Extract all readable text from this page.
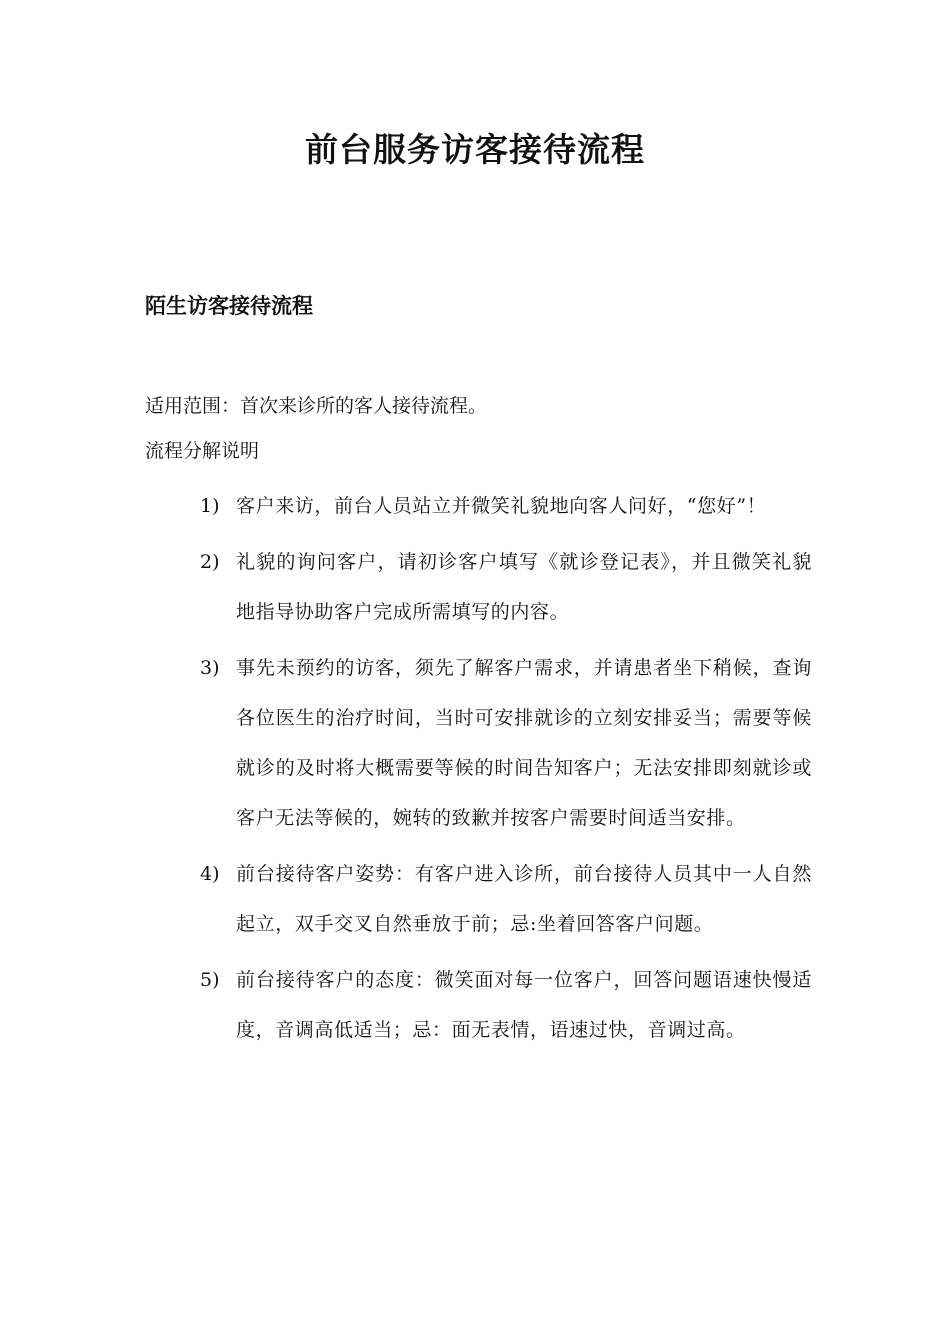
前台服务访客接待流程
陌生访客接待流程

适用范围：首次来诊所的客人接待流程。

流程分解说明

1) 客户来访，前台人员站立并微笑礼貌地向客人问好，“您好”！
2) 礼貌的询问客户，请初诊客户填写《就诊登记表》，并且微笑礼貌地指导协助客户完成所需填写的内容。
3) 事先未预约的访客，须先了解客户需求，并请患者坐下稍候，查询各位医生的治疗时间，当时可安排就诊的立刻安排妥当；需要等候就诊的及时将大概需要等候的时间告知客户；无法安排即刻就诊或客户无法等候的，婉转的致歉并按客户需要时间适当安排。
4) 前台接待客户姿势：有客户进入诊所，前台接待人员其中一人自然起立，双手交叉自然垂放于前；忌:坐着回答客户问题。
5) 前台接待客户的态度：微笑面对每一位客户，回答问题语速快慢适度，音调高低适当；忌：面无表情，语速过快，音调过高。
